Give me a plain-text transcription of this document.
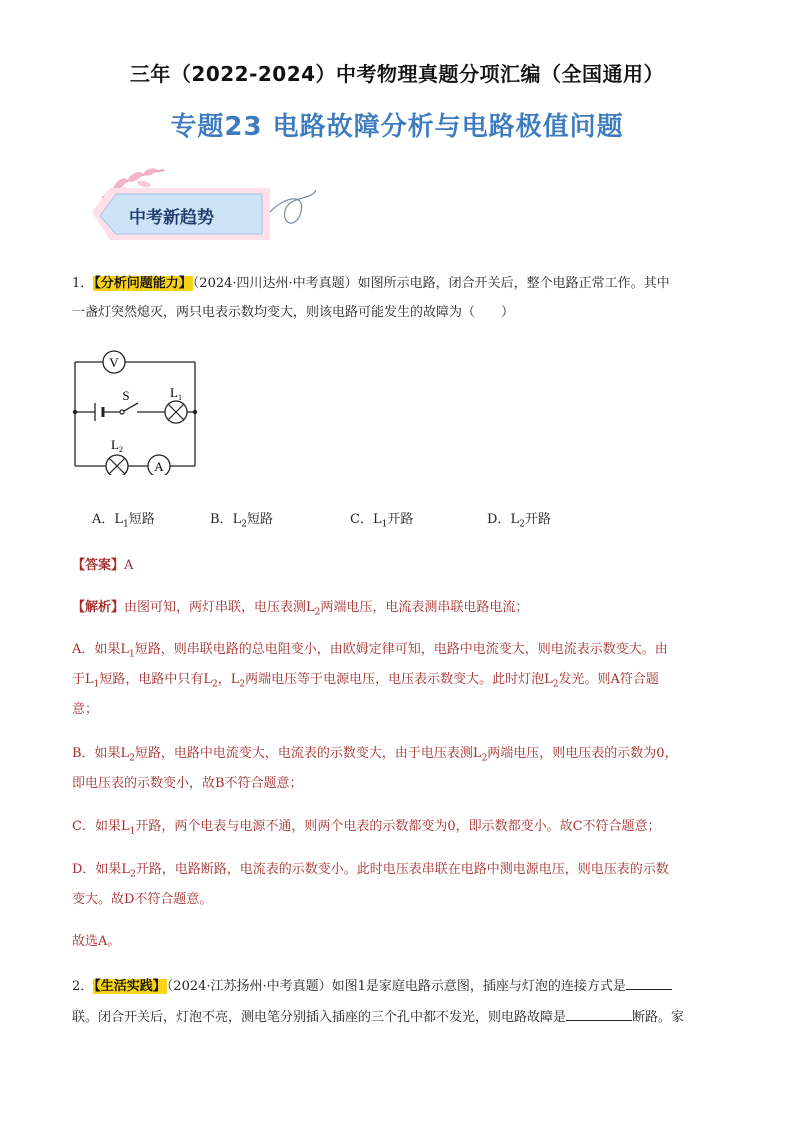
三年（2022-2024）中考物理真题分项汇编（全国通用）
专题23 电路故障分析与电路极值问题
中考新趋势
1．【分析问题能力】（2024·四川达州·中考真题）如图所示电路，闭合开关后，整个电路正常工作。其中
一盏灯突然熄灭，两只电表示数均变大，则该电路可能发生的故障为（　　）
V
S	$L_1$
$L_2$
A
A．$L_1$短路	B．$L_2$短路	C．$L_1$开路	D．$L_2$开路
【答案】A
【解析】由图可知，两灯串联，电压表测$L_2$两端电压，电流表测串联电路电流；
A．如果$L_1$短路，则串联电路的总电阻变小，由欧姆定律可知，电路中电流变大，则电流表示数变大。由
于$L_1$短路，电路中只有$L_2$，$L_2$两端电压等于电源电压，电压表示数变大。此时灯泡$L_2$发光。则A符合题
意；
B．如果$L_2$短路，电路中电流变大，电流表的示数变大，由于电压表测$L_2$两端电压，则电压表的示数为0，
即电压表的示数变小，故B不符合题意；
C．如果$L_1$开路，两个电表与电源不通，则两个电表的示数都变为0，即示数都变小。故C不符合题意；
D．如果$L_2$开路，电路断路，电流表的示数变小。此时电压表串联在电路中测电源电压，则电压表的示数
变大。故D不符合题意。
故选A。
2．【生活实践】（2024·江苏扬州·中考真题）如图1是家庭电路示意图，插座与灯泡的连接方式是
联。闭合开关后，灯泡不亮，测电笔分别插入插座的三个孔中都不发光，则电路故障是	断路。家
